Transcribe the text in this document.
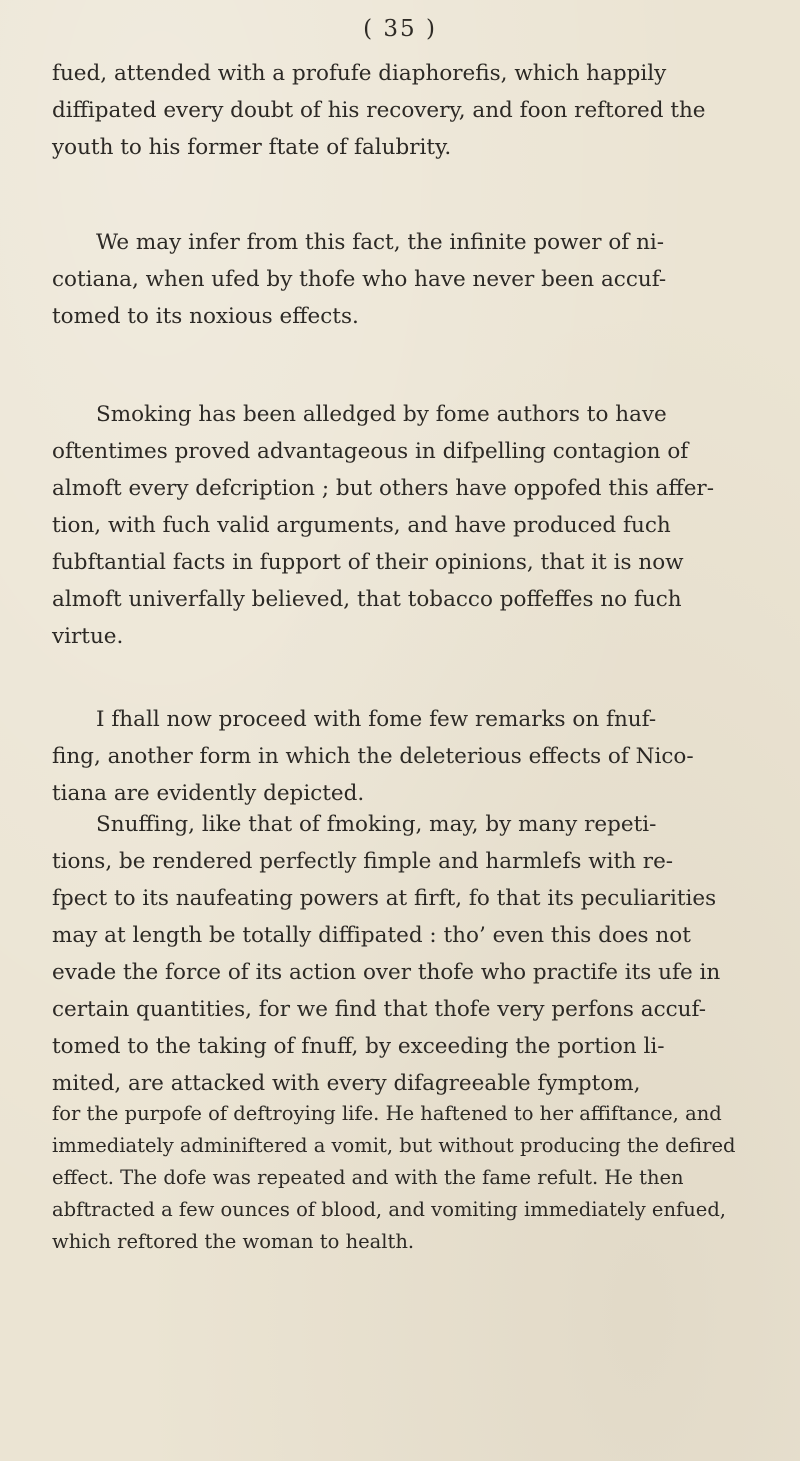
( 35 )

fued, attended with a profufe diaphorefis, which happily
diffipated every doubt of his recovery, and foon reftored the
youth to his former ftate of falubrity.

We may infer from this fact, the infinite power of ni-
cotiana, when ufed by thofe who have never been accuf-
tomed to its noxious effects.

Smoking has been alledged by fome authors to have
oftentimes proved advantageous in difpelling contagion of
almoft every defcription ; but others have oppofed this affer-
tion, with fuch valid arguments, and have produced fuch
fubftantial facts in fupport of their opinions, that it is now
almoft univerfally believed, that tobacco poffeffes no fuch
virtue.

I fhall now proceed with fome few remarks on fnuf-
fing, another form in which the deleterious effects of Nico-
tiana are evidently depicted.

Snuffing, like that of fmoking, may, by many repeti-
tions, be rendered perfectly fimple and harmlefs with re-
fpect to its naufeating powers at firft, fo that its peculiarities
may at length be totally diffipated : tho’ even this does not
evade the force of its action over thofe who practife its ufe in
certain quantities, for we find that thofe very perfons accuf-
tomed to the taking of fnuff, by exceeding the portion li-
mited, are attacked with every difagreeable fymptom,

for the purpofe of deftroying life. He haftened to her affiftance, and
immediately adminiftered a vomit, but without producing the defired
effect. The dofe was repeated and with the fame refult. He then
abftracted a few ounces of blood, and vomiting immediately enfued,
which reftored the woman to health.
